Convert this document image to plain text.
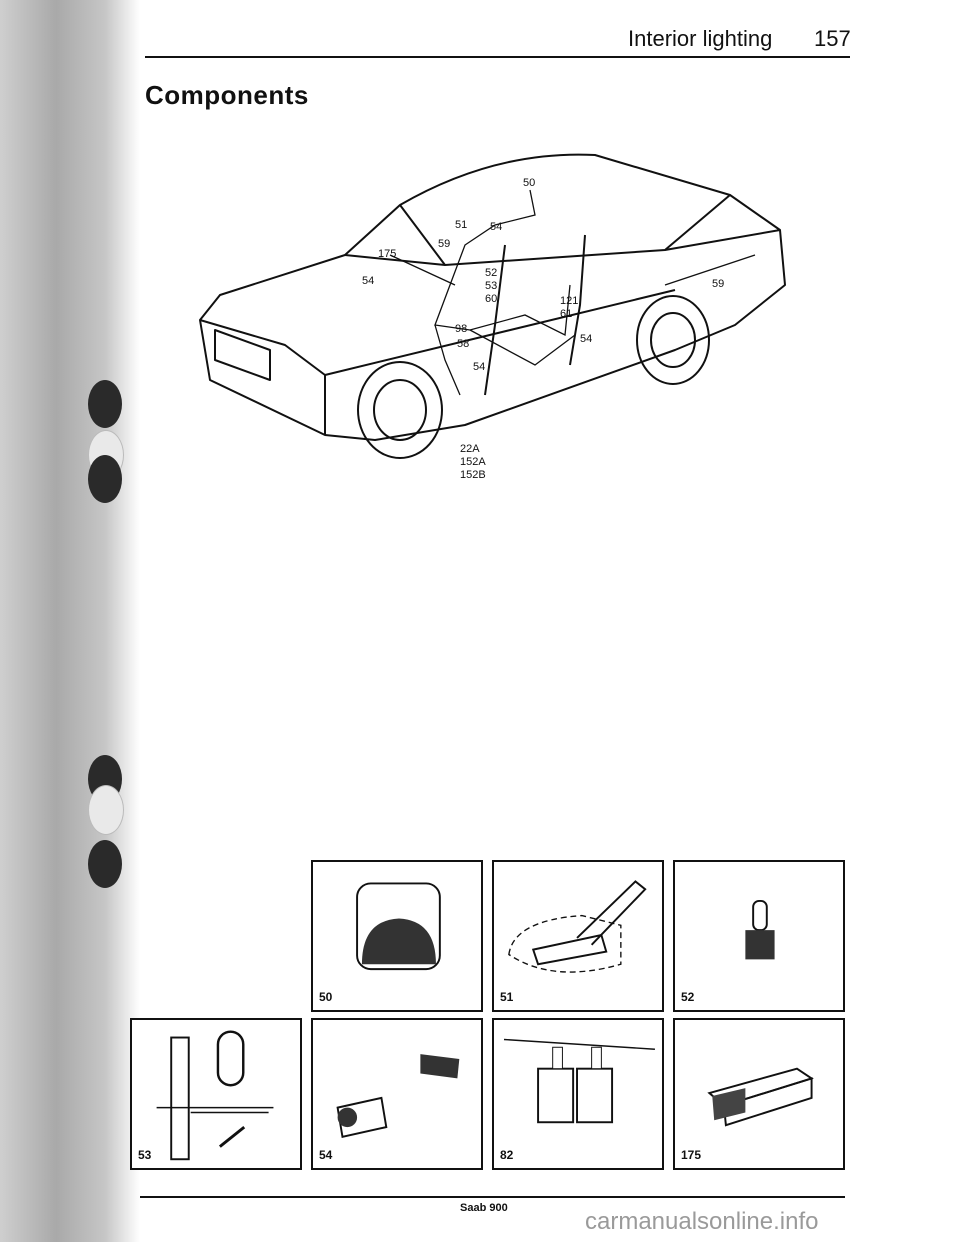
Interior lighting 157
Components
50
51 54
59
175
54
52
53
60	121
61
98
58	54
54
59
22A
152A
152B
50	51	52
53	54	82	175
Saab 900	carmanualsonline.info
